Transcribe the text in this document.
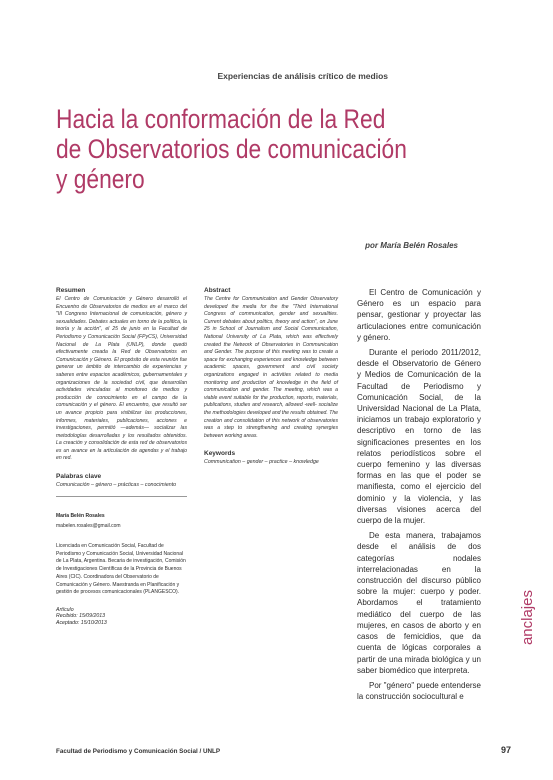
Experiencias de análisis crítico de medios
Hacia la conformación de la Red
de Observatorios de comunicación
y género
por María Belén Rosales
Resumen

El Centro de Comunicación y Género desarrolló el Encuentro de Observatorios de medios en el marco del "III Congreso Internacional de comunicación, género y sexualidades. Debates actuales en torno de la política, la teoría y la acción", el 25 de junio en la Facultad de Periodismo y Comunicación Social (FPyCS), Universidad Nacional de La Plata (UNLP), donde quedó efectivamente creada la Red de Observatorios en Comunicación y Género. El propósito de esta reunión fue generar un ámbito de intercambio de experiencias y saberes entre espacios académicos, gubernamentales y organizaciones de la sociedad civil, que desarrollan actividades vinculadas al monitoreo de medios y producción de conocimiento en el campo de la comunicación y el género. El encuentro, que resultó ser un avance propicio para visibilizar las producciones, informes, materiales, publicaciones, acciones e investigaciones, permitió —además— socializar las metodologías desarrolladas y los resultados obtenidos. La creación y consolidación de esta red de observatorios es un avance en la articulación de agendas y el trabajo en red.

Palabras clave
Comunicación – género – prácticas – conocimiento
María Belén Rosales
mabelen.rosales@gmail.com
Licenciada en Comunicación Social, Facultad de Periodismo y Comunicación Social, Universidad Nacional de La Plata, Argentina. Becaria de investigación, Comisión de Investigaciones Científicas de la Provincia de Buenos Aires (CIC). Coordinadora del Observatorio de Comunicación y Género. Maestranda en Planificación y gestión de procesos comunicacionales (PLANGESCO).
Artículo
Recibido: 15/09/2013
Aceptado: 15/10/2013
Abstract

The Centre for Communication and Gender Observatory developed the media for the the "Third International Congress of communication, gender and sexualities. Current debates about politics, theory and action", on June 25 in School of Journalism and Social Communication, National University of La Plata, which was effectively created the Network of Observatories in Communication and Gender. The purpose of this meeting was to create a space for exchanging experiences and knowledge between academic spaces, government and civil society organizations engaged in activities related to media monitoring and production of knowledge in the field of communication and gender. The meeting, which was a viable event suitable for the production, reports, materials, publications, studies and research, allowed -well- socialize the methodologies developed and the results obtained. The creation and consolidation of this network of observatories was a step to strengthening and creating synergies between working areas.

Keywords
Communication – gender – practice – knowledge

El Centro de Comunicación y Género es un espacio para pensar, gestionar y proyectar las articulaciones entre comunicación y género.

Durante el periodo 2011/2012, desde el Observatorio de Género y Medios de Comunicación de la Facultad de Periodismo y Comunicación Social, de la Universidad Nacional de La Plata, iniciamos un trabajo exploratorio y descriptivo en torno de las significaciones presentes en los relatos periodísticos sobre el cuerpo femenino y las diversas formas en las que el poder se manifiesta, como el ejercicio del dominio y la violencia, y las diversas visiones acerca del cuerpo de la mujer.

De esta manera, trabajamos desde el análisis de dos categorías nodales interrelacionadas en la construcción del discurso público sobre la mujer: cuerpo y poder. Abordamos el tratamiento mediático del cuerpo de las mujeres, en casos de aborto y en casos de femicidios, que da cuenta de lógicas corporales a partir de una mirada biológica y un saber biomédico que interpreta.

Por "género" puede entenderse la construcción sociocultural e

anclajes
Facultad de Periodismo y Comunicación Social / UNLP	97
